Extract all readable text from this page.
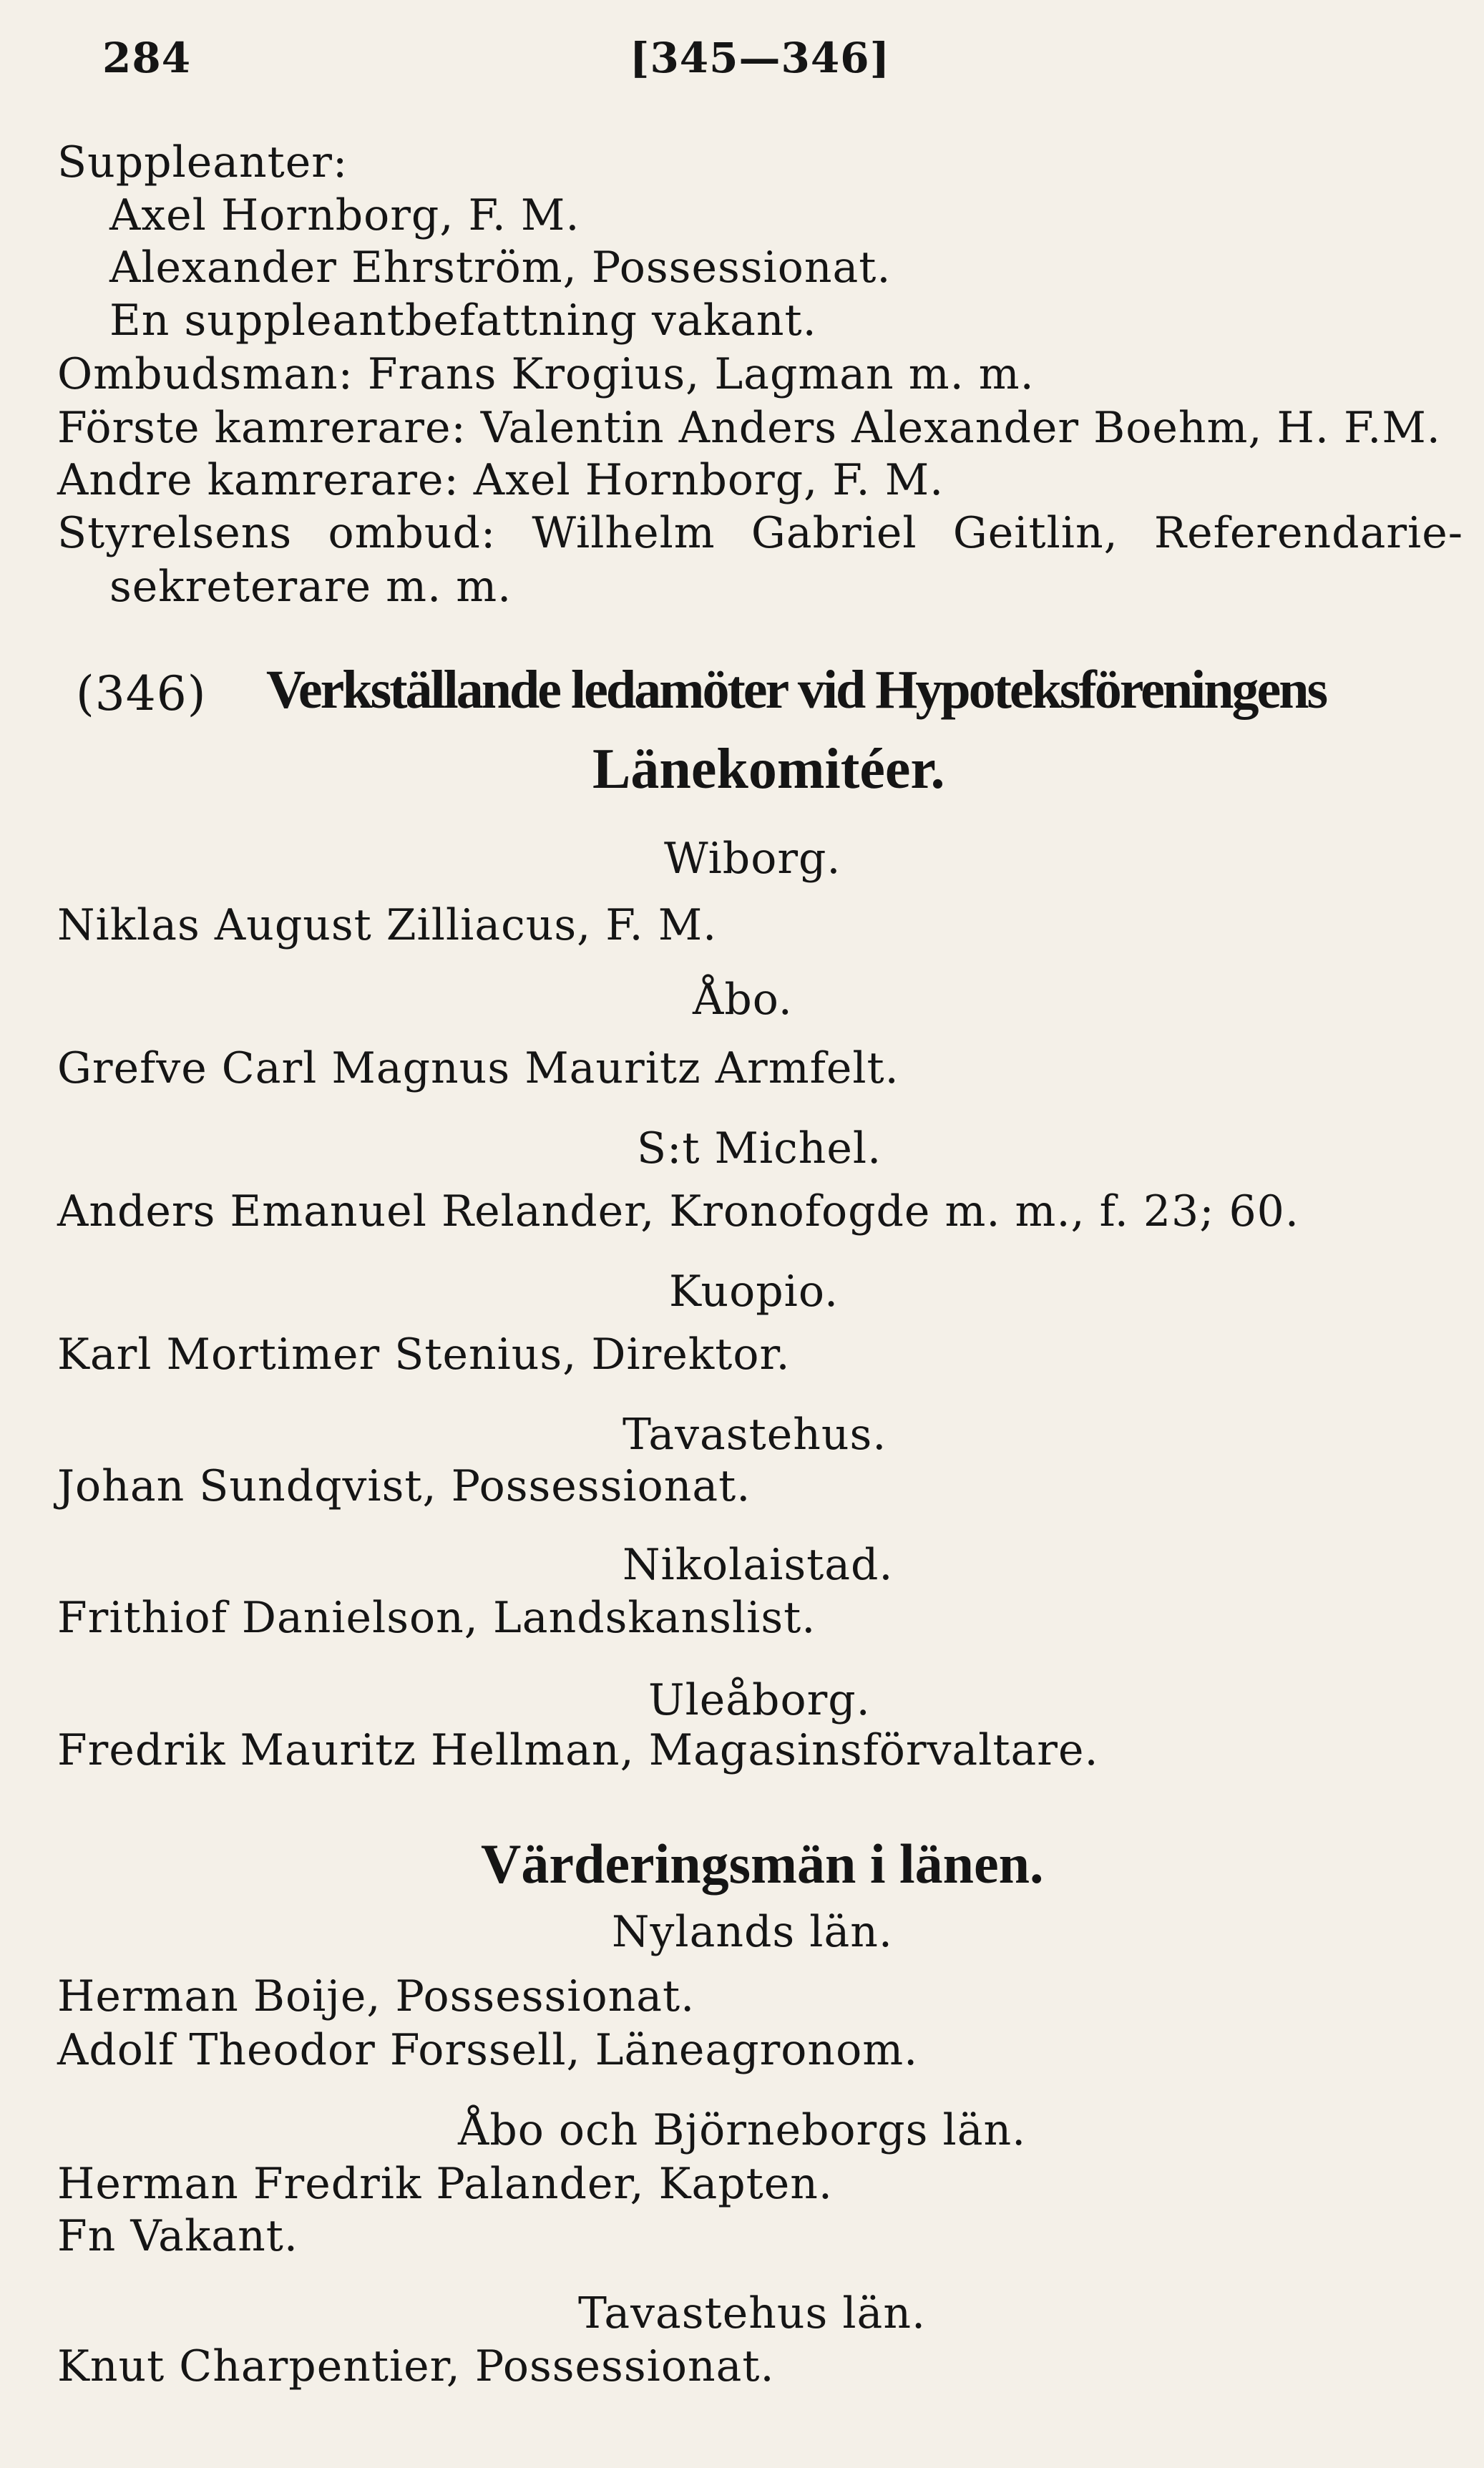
284	[345—346]
Suppleanter:
Axel Hornborg, F. M.
Alexander Ehrström, Possessionat.
En suppleantbefattning vakant.
Ombudsman: Frans Krogius, Lagman m. m.
Förste kamrerare: Valentin Anders Alexander Boehm, H. F.M.
Andre kamrerare: Axel Hornborg, F. M.
Styrelsens ombud: Wilhelm Gabriel Geitlin, Referendarie-
sekreterare m. m.
(346) Verkställande ledamöter vid Hypoteksföreningens
Länekomitéer.
Wiborg.
Niklas August Zilliacus, F. M.
Åbo.
Grefve Carl Magnus Mauritz Armfelt.
S:t Michel.
Anders Emanuel Relander, Kronofogde m. m., f. 23; 60.
Kuopio.
Karl Mortimer Stenius, Direktor.
Tavastehus.
Johan Sundqvist, Possessionat.
Nikolaistad.
Frithiof Danielson, Landskanslist.
Uleåborg.
Fredrik Mauritz Hellman, Magasinsförvaltare.
Värderingsmän i länen.
Nylands län.
Herman Boije, Possessionat.
Adolf Theodor Forssell, Läneagronom.
Åbo och Björneborgs län.
Herman Fredrik Palander, Kapten.
Fn Vakant.
Tavastehus län.
Knut Charpentier, Possessionat.
